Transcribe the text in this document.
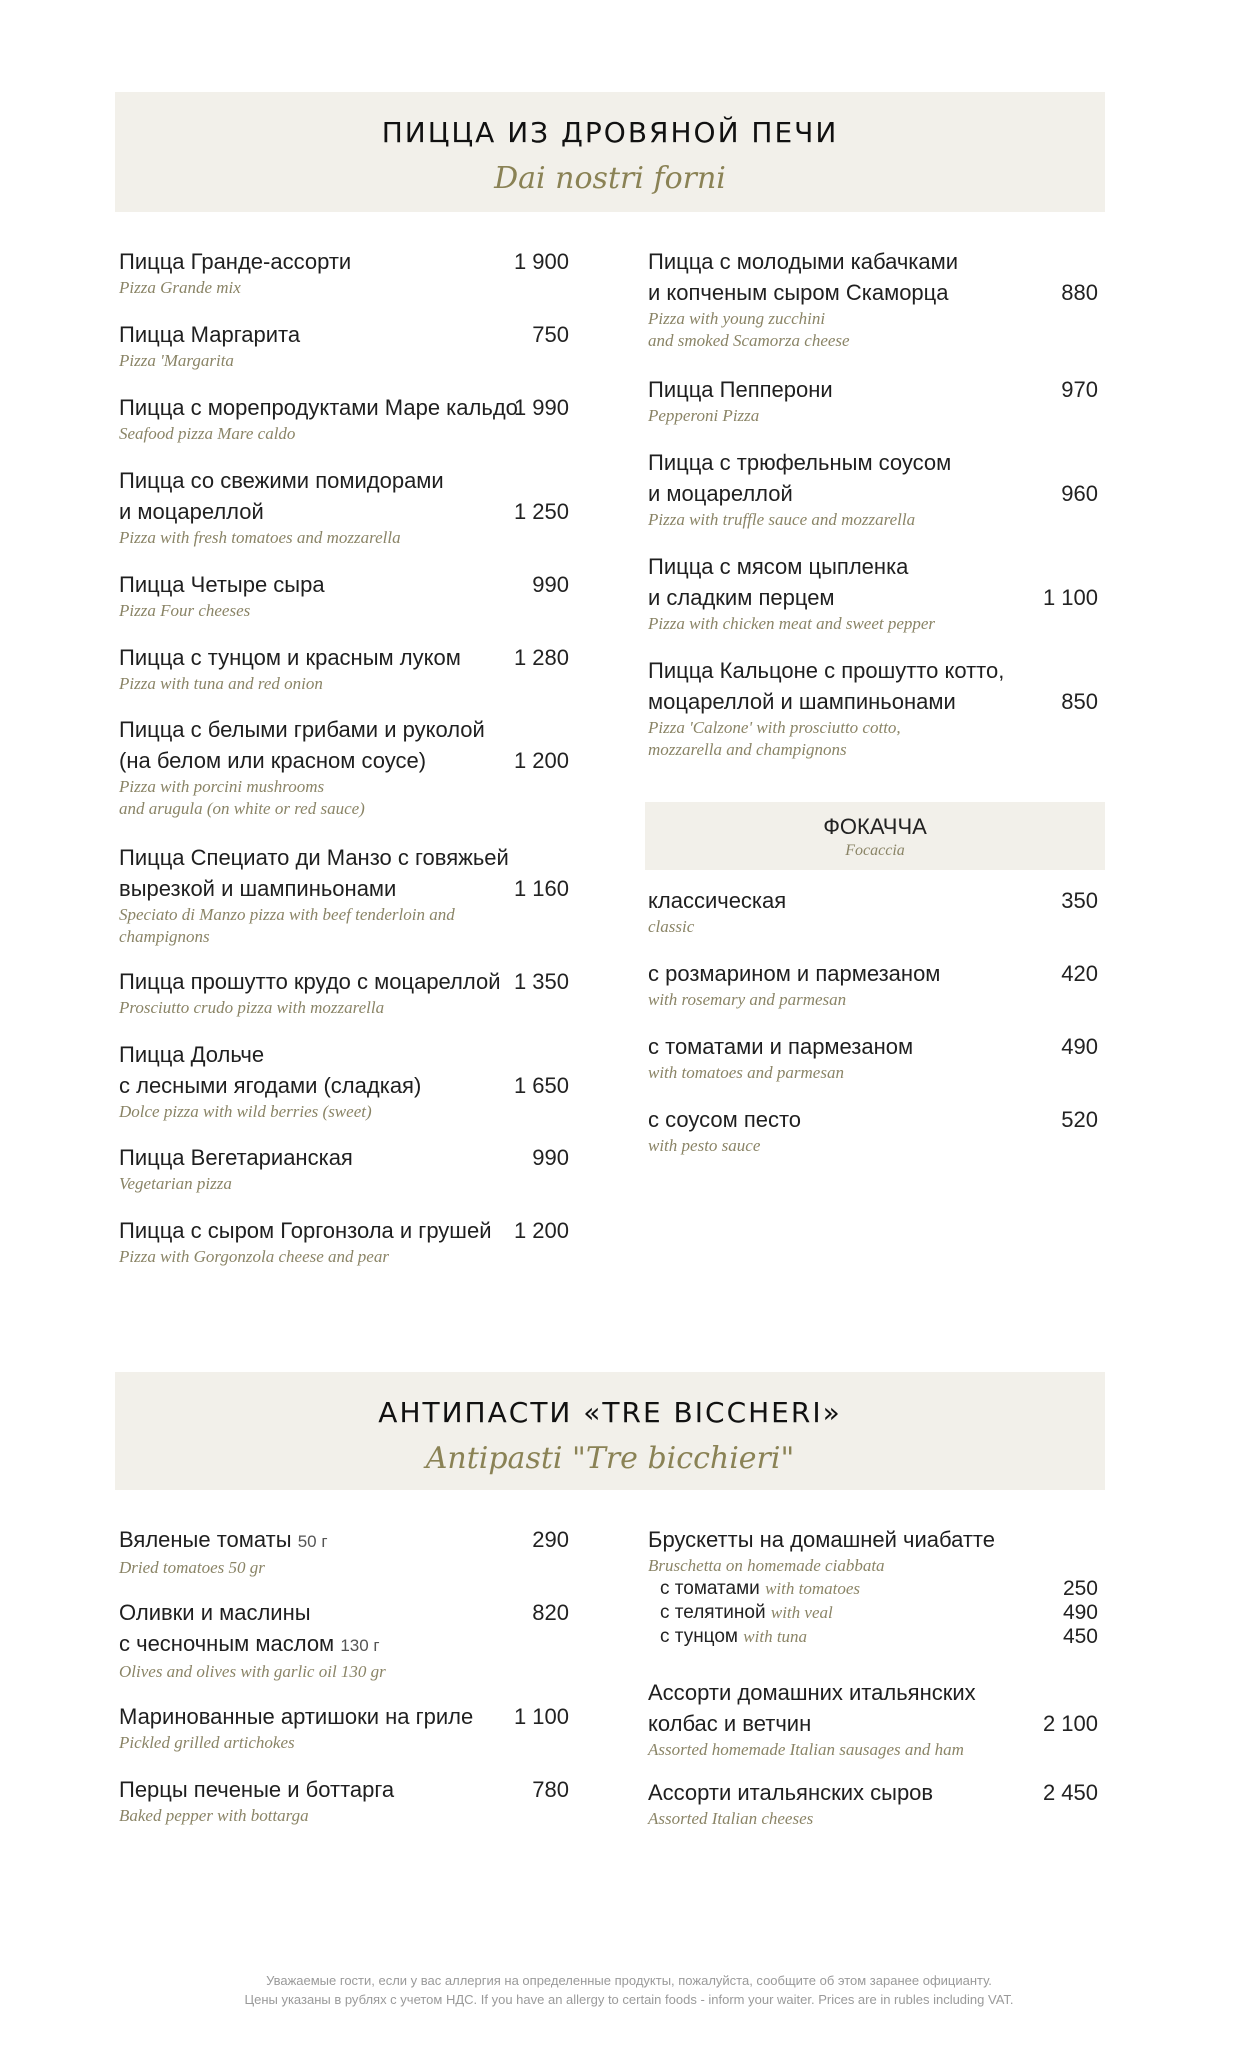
ПИЦЦА ИЗ ДРОВЯНОЙ ПЕЧИ
Dai nostri forni
Пицца Гранде-ассорти
Pizza Grande mix
1 900
Пицца Маргарита
Pizza 'Margarita
750
Пицца с морепродуктами Маре кальдо
Seafood pizza Mare caldo
1 990
Пицца со свежими помидорами
и моцареллой
Pizza with fresh tomatoes and mozzarella
1 250
Пицца Четыре сыра
Pizza Four cheeses
990
Пицца с тунцом и красным луком
Pizza with tuna and red onion
1 280
Пицца с белыми грибами и руколой
(на белом или красном соусе)
Pizza with porcini mushrooms
and arugula (on white or red sauce)
1 200
Пицца Специато ди Манзо с говяжьей
вырезкой и шампиньонами
Speciato di Manzo pizza with beef tenderloin and
champignons
1 160
Пицца прошутто крудо с моцареллой
Prosciutto crudo pizza with mozzarella
1 350
Пицца Дольче
с лесными ягодами (сладкая)
Dolce pizza with wild berries (sweet)
1 650
Пицца Вегетарианская
Vegetarian pizza
990
Пицца с сыром Горгонзола и грушей
Pizza with Gorgonzola cheese and pear
1 200
Пицца с молодыми кабачками
и копченым сыром Скаморца
Pizza with young zucchini
and smoked Scamorza cheese
880
Пицца Пепперони
Pepperoni Pizza
970
Пицца с трюфельным соусом
и моцареллой
Pizza with truffle sauce and mozzarella
960
Пицца с мясом цыпленка
и сладким перцем
Pizza with chicken meat and sweet pepper
1 100
Пицца Кальцоне с прошутто котто,
моцареллой и шампиньонами
Pizza 'Calzone' with prosciutto cotto,
mozzarella and champignons
850
ФОКАЧЧА
Focaccia
классическая
classic
350
с розмарином и пармезаном
with rosemary and parmesan
420
с томатами и пармезаном
with tomatoes and parmesan
490
с соусом песто
with pesto sauce
520
АНТИПАСТИ «TRE BICCHERI»
Antipasti "Tre bicchieri"
290
Вяленые томаты 50 г
Dried tomatoes 50 gr
820
Оливки и маслины
с чесночным маслом 130 г
Olives and olives with garlic oil 130 gr
1 100
Маринованные артишоки на гриле
Pickled grilled artichokes
780
Перцы печеные и боттарга
Baked pepper with bottarga
Брускетты на домашней чиабатте
Bruschetta on homemade ciabbata
с томатами with tomatoes	250
с телятиной with veal	490
с тунцом with tuna	450
Ассорти домашних итальянских
колбас и ветчин
Assorted homemade Italian sausages and ham
2 100
Ассорти итальянских сыров
Assorted Italian cheeses
2 450
Уважаемые гости, если у вас аллергия на определенные продукты, пожалуйста, сообщите об этом заранее официанту.
Цены указаны в рублях с учетом НДС. If you have an allergy to certain foods - inform your waiter. Prices are in rubles including VAT.
